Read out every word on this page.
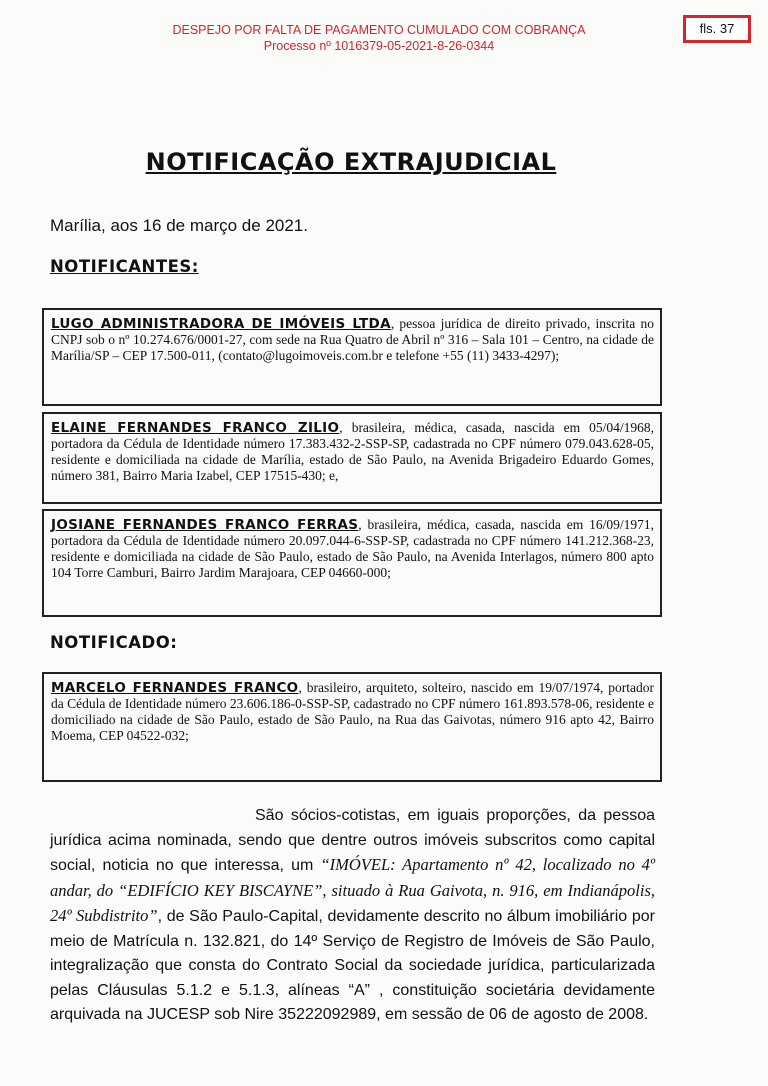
DESPEJO POR FALTA DE PAGAMENTO CUMULADO COM COBRANÇA
Processo nº 1016379-05-2021-8-26-0344
fls. 37
NOTIFICAÇÃO EXTRAJUDICIAL
Marília, aos 16 de março de 2021.
NOTIFICANTES:
LUGO ADMINISTRADORA DE IMÓVEIS LTDA, pessoa jurídica de direito privado, inscrita no CNPJ sob o nº 10.274.676/0001-27, com sede na Rua Quatro de Abril nº 316 – Sala 101 – Centro, na cidade de Marília/SP – CEP 17.500-011, (contato@lugoimoveis.com.br e telefone +55 (11) 3433-4297);
ELAINE FERNANDES FRANCO ZILIO, brasileira, médica, casada, nascida em 05/04/1968, portadora da Cédula de Identidade número 17.383.432-2-SSP-SP, cadastrada no CPF número 079.043.628-05, residente e domiciliada na cidade de Marília, estado de São Paulo, na Avenida Brigadeiro Eduardo Gomes, número 381, Bairro Maria Izabel, CEP 17515-430; e,
JOSIANE FERNANDES FRANCO FERRAS, brasileira, médica, casada, nascida em 16/09/1971, portadora da Cédula de Identidade número 20.097.044-6-SSP-SP, cadastrada no CPF número 141.212.368-23, residente e domiciliada na cidade de São Paulo, estado de São Paulo, na Avenida Interlagos, número 800 apto 104 Torre Camburi, Bairro Jardim Marajoara, CEP 04660-000;
NOTIFICADO:
MARCELO FERNANDES FRANCO, brasileiro, arquiteto, solteiro, nascido em 19/07/1974, portador da Cédula de Identidade número 23.606.186-0-SSP-SP, cadastrado no CPF número 161.893.578-06, residente e domiciliado na cidade de São Paulo, estado de São Paulo, na Rua das Gaivotas, número 916 apto 42, Bairro Moema, CEP 04522-032;
São sócios-cotistas, em iguais proporções, da pessoa jurídica acima nominada, sendo que dentre outros imóveis subscritos como capital social, noticia no que interessa, um “IMÓVEL: Apartamento nº 42, localizado no 4º andar, do “EDIFÍCIO KEY BISCAYNE”, situado à Rua Gaivota, n. 916, em Indianápolis, 24º Subdistrito”, de São Paulo-Capital, devidamente descrito no álbum imobiliário por meio de Matrícula n. 132.821, do 14º Serviço de Registro de Imóveis de São Paulo, integralização que consta do Contrato Social da sociedade jurídica, particularizada pelas Cláusulas 5.1.2 e 5.1.3, alíneas “A” , constituição societária devidamente arquivada na JUCESP sob Nire 35222092989, em sessão de 06 de agosto de 2008.
